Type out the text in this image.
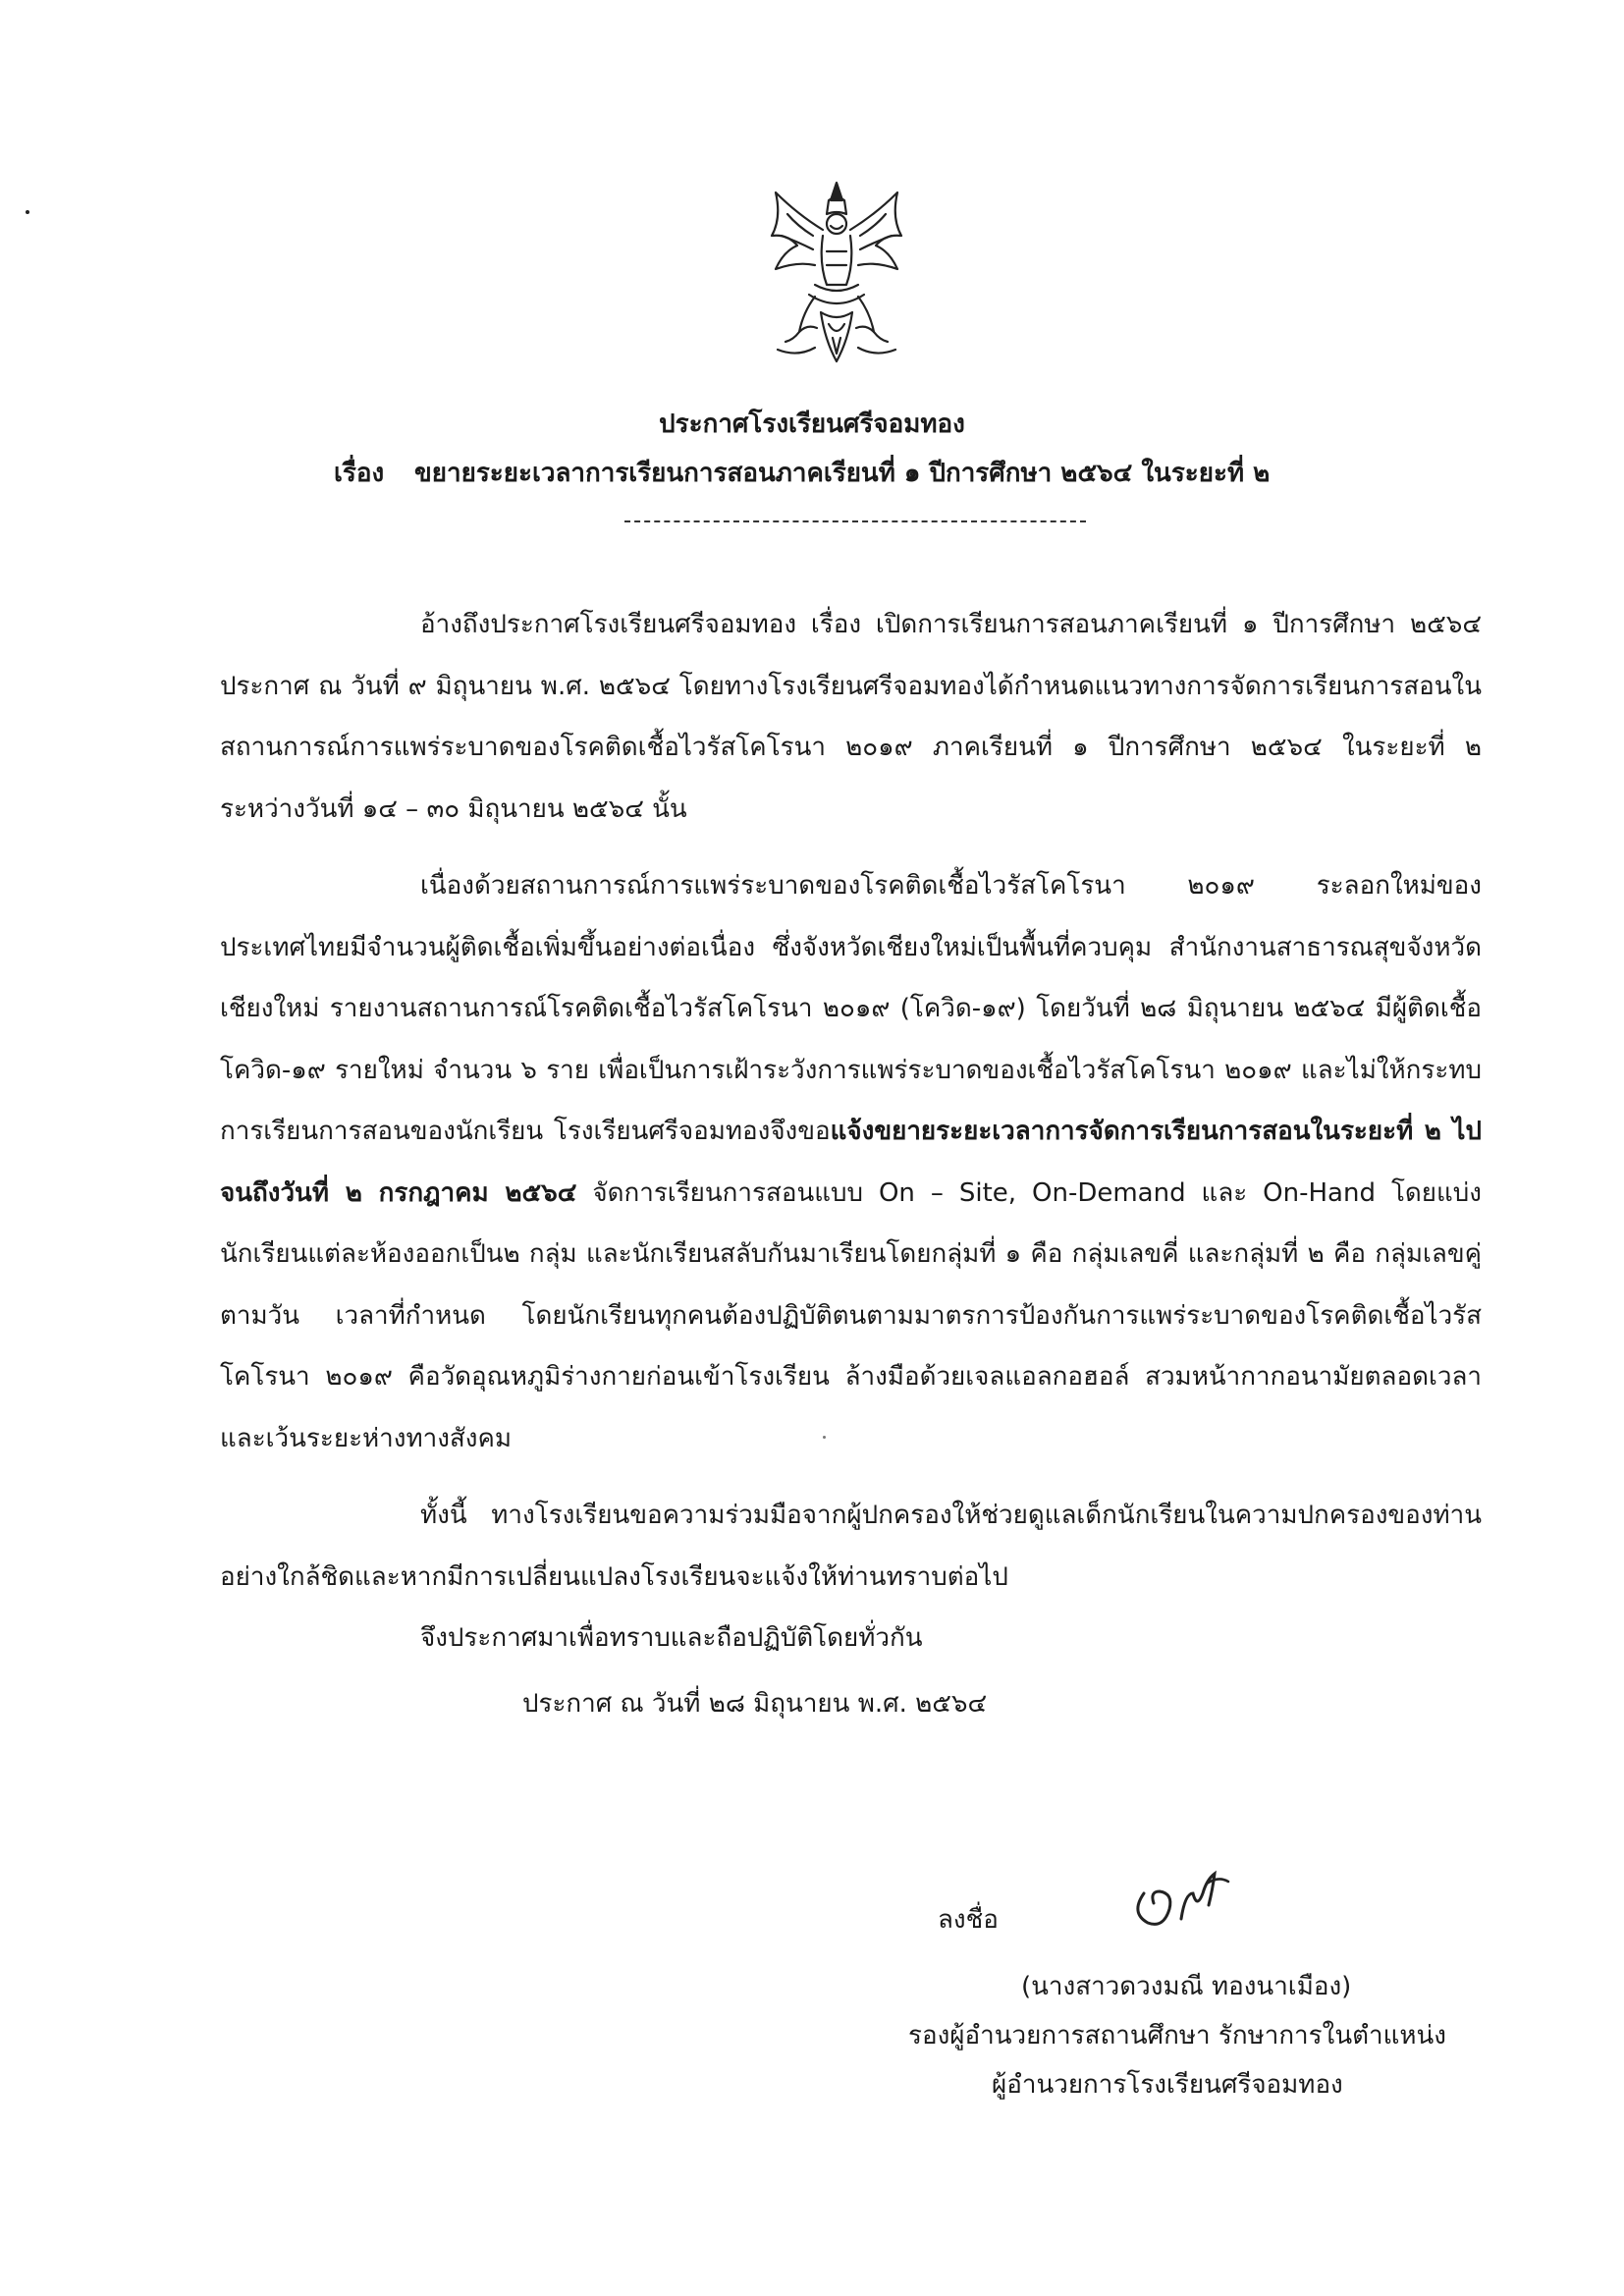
ประกาศโรงเรียนศรีจอมทอง
เรื่อง ขยายระยะเวลาการเรียนการสอนภาคเรียนที่ ๑ ปีการศึกษา ๒๕๖๔ ในระยะที่ ๒

อ้างถึงประกาศโรงเรียนศรีจอมทอง เรื่อง เปิดการเรียนการสอนภาคเรียนที่ ๑ ปีการศึกษา ๒๕๖๔ ประกาศ ณ วันที่ ๙ มิถุนายน พ.ศ. ๒๕๖๔ โดยทางโรงเรียนศรีจอมทองได้กำหนดแนวทางการจัดการเรียนการสอนในสถานการณ์การแพร่ระบาดของโรคติดเชื้อไวรัสโคโรนา ๒๐๑๙ ภาคเรียนที่ ๑ ปีการศึกษา ๒๕๖๔ ในระยะที่ ๒ ระหว่างวันที่ ๑๔ – ๓๐ มิถุนายน ๒๕๖๔ นั้น

เนื่องด้วยสถานการณ์การแพร่ระบาดของโรคติดเชื้อไวรัสโคโรนา ๒๐๑๙ ระลอกใหม่ของประเทศไทยมีจำนวนผู้ติดเชื้อเพิ่มขึ้นอย่างต่อเนื่อง ซึ่งจังหวัดเชียงใหม่เป็นพื้นที่ควบคุม สำนักงานสาธารณสุขจังหวัดเชียงใหม่ รายงานสถานการณ์โรคติดเชื้อไวรัสโคโรนา ๒๐๑๙ (โควิด-๑๙) โดยวันที่ ๒๘ มิถุนายน ๒๕๖๔ มีผู้ติดเชื้อโควิด-๑๙ รายใหม่ จำนวน ๖ ราย เพื่อเป็นการเฝ้าระวังการแพร่ระบาดของเชื้อไวรัสโคโรนา ๒๐๑๙ และไม่ให้กระทบการเรียนการสอนของนักเรียน โรงเรียนศรีจอมทองจึงขอแจ้งขยายระยะเวลาการจัดการเรียนการสอนในระยะที่ ๒ ไปจนถึงวันที่ ๒ กรกฎาคม ๒๕๖๔ จัดการเรียนการสอนแบบ On – Site, On-Demand และ On-Hand โดยแบ่งนักเรียนแต่ละห้องออกเป็น๒ กลุ่ม และนักเรียนสลับกันมาเรียนโดยกลุ่มที่ ๑ คือ กลุ่มเลขคี่ และกลุ่มที่ ๒ คือ กลุ่มเลขคู่ ตามวัน เวลาที่กำหนด โดยนักเรียนทุกคนต้องปฏิบัติตนตามมาตรการป้องกันการแพร่ระบาดของโรคติดเชื้อไวรัสโคโรนา ๒๐๑๙ คือวัดอุณหภูมิร่างกายก่อนเข้าโรงเรียน ล้างมือด้วยเจลแอลกอฮอล์ สวมหน้ากากอนามัยตลอดเวลา และเว้นระยะห่างทางสังคม

ทั้งนี้ ทางโรงเรียนขอความร่วมมือจากผู้ปกครองให้ช่วยดูแลเด็กนักเรียนในความปกครองของท่านอย่างใกล้ชิดและหากมีการเปลี่ยนแปลงโรงเรียนจะแจ้งให้ท่านทราบต่อไป

จึงประกาศมาเพื่อทราบและถือปฏิบัติโดยทั่วกัน

ประกาศ ณ วันที่ ๒๘ มิถุนายน พ.ศ. ๒๕๖๔

ลงชื่อ
(นางสาวดวงมณี ทองนาเมือง)
รองผู้อำนวยการสถานศึกษา รักษาการในตำแหน่ง
ผู้อำนวยการโรงเรียนศรีจอมทอง
